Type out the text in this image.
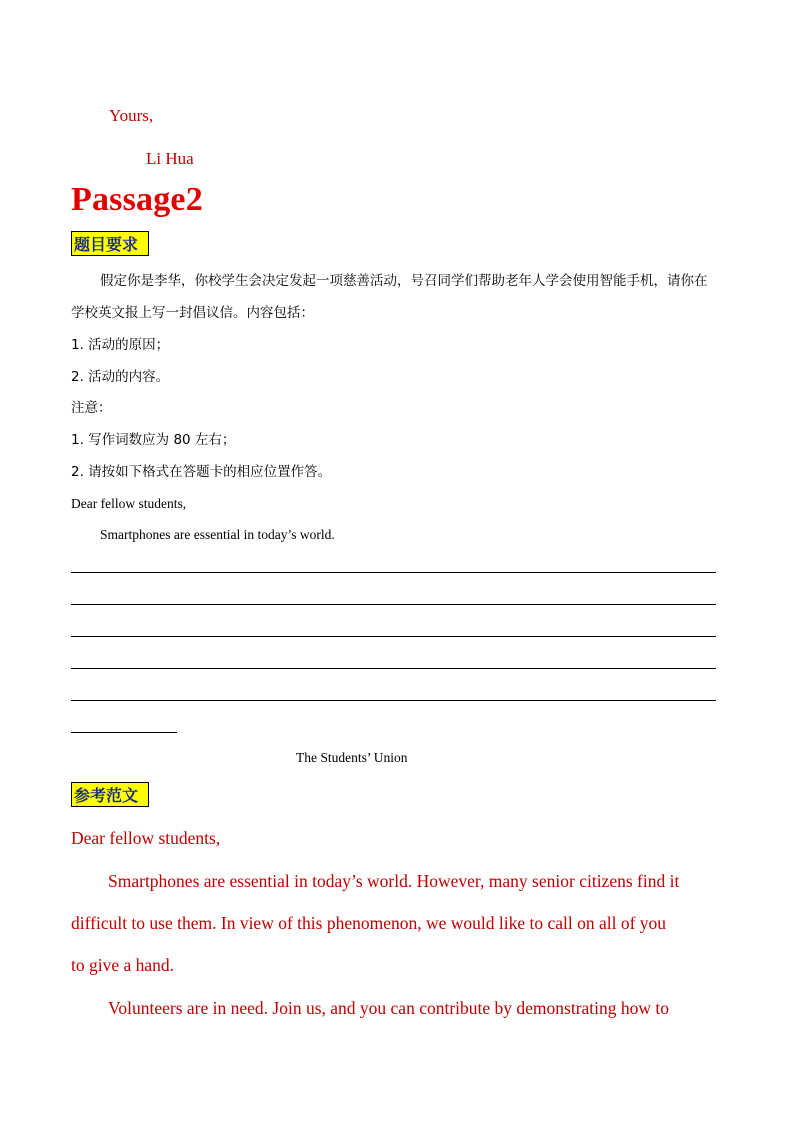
Yours,
Li Hua
Passage2
题目要求
假定你是李华，你校学生会决定发起一项慈善活动，号召同学们帮助老年人学会使用智能手机，请你在
学校英文报上写一封倡议信。内容包括：
1. 活动的原因；
2. 活动的内容。
注意：
1. 写作词数应为 80 左右；
2. 请按如下格式在答题卡的相应位置作答。
Dear fellow students,
Smartphones are essential in today’s world.
The Students’ Union
参考范文
Dear fellow students,
Smartphones are essential in today’s world. However, many senior citizens find it
difficult to use them. In view of this phenomenon, we would like to call on all of you
to give a hand.
Volunteers are in need. Join us, and you can contribute by demonstrating how to
